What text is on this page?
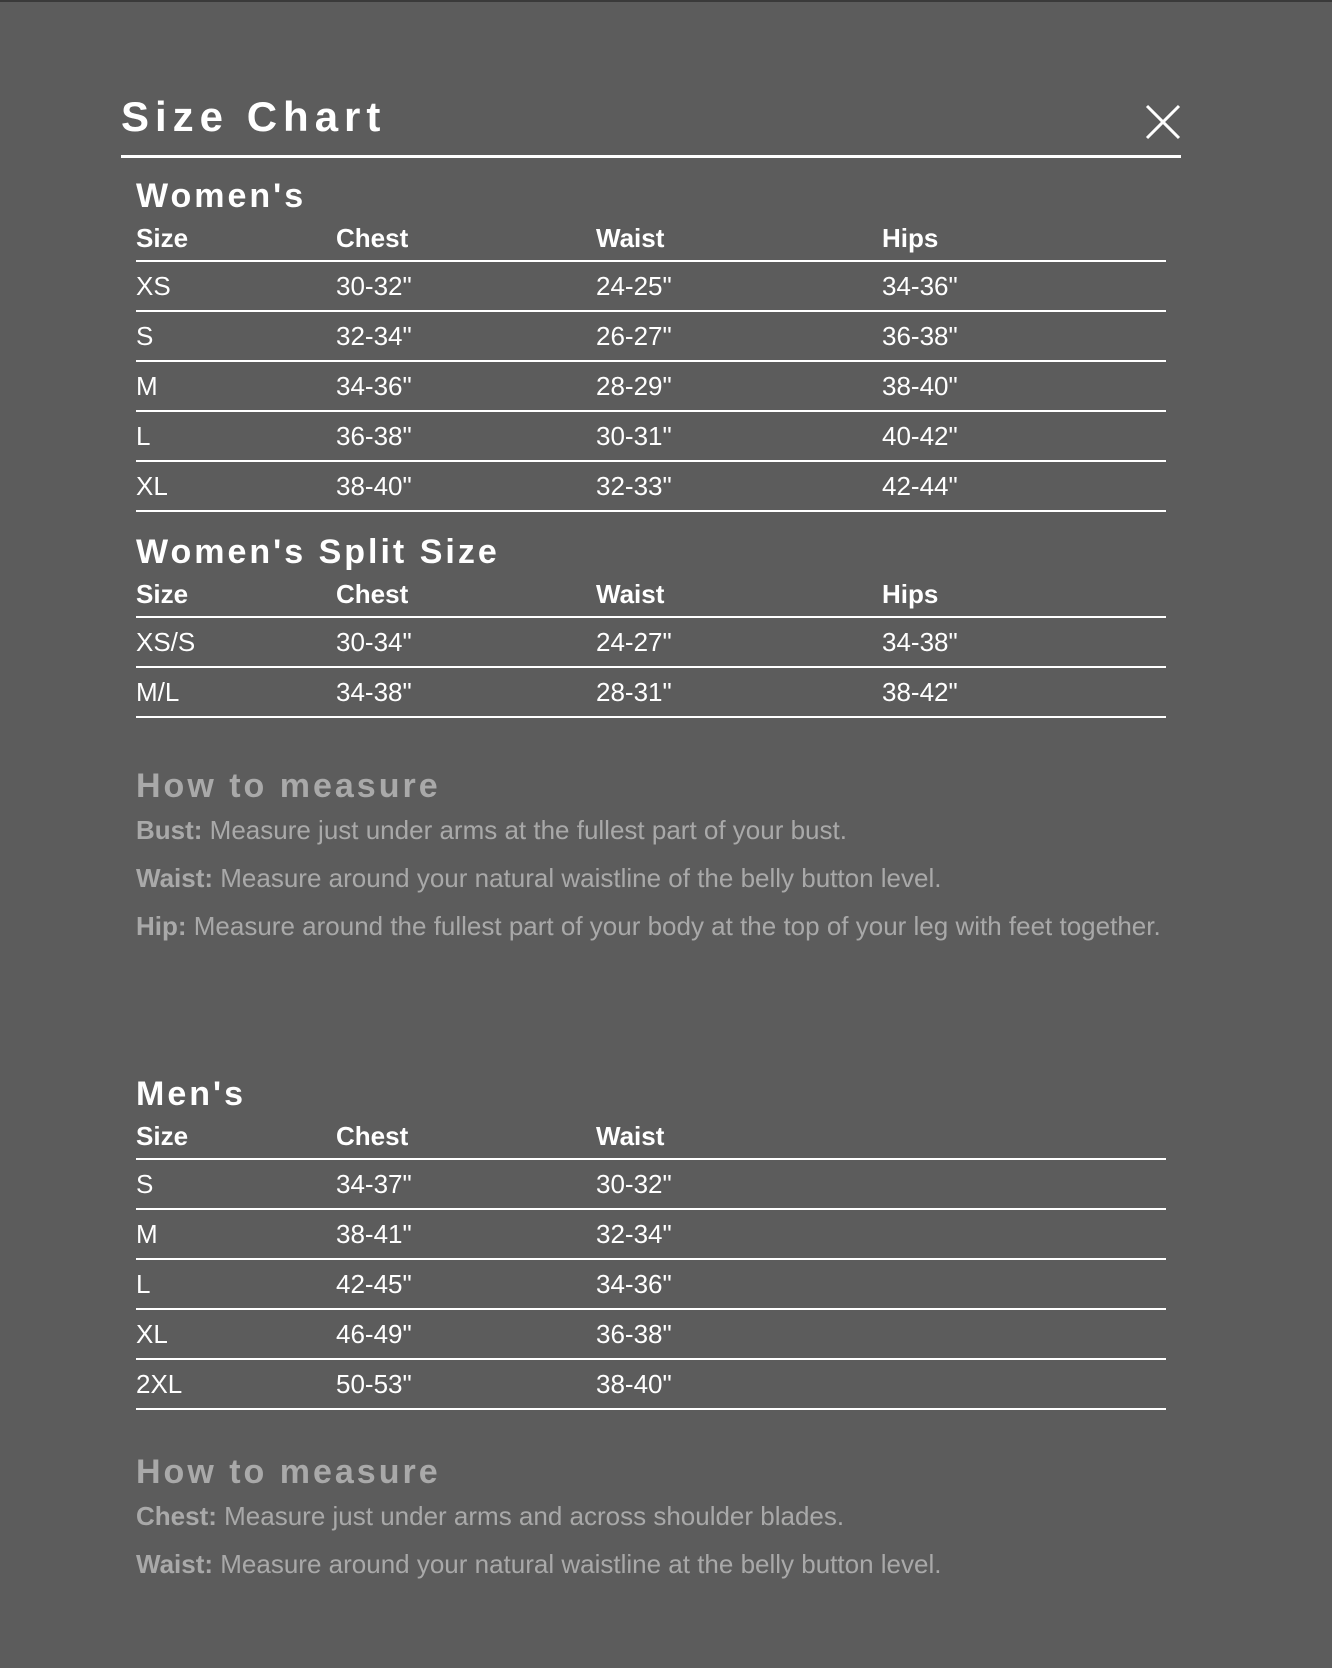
Size Chart
Women's
Size	Chest	Waist	Hips
XS	30-32"	24-25"	34-36"
S	32-34"	26-27"	36-38"
M	34-36"	28-29"	38-40"
L	36-38"	30-31"	40-42"
XL	38-40"	32-33"	42-44"
Women's Split Size
Size	Chest	Waist	Hips
XS/S	30-34"	24-27"	34-38"
M/L	34-38"	28-31"	38-42"
How to measure
Bust: Measure just under arms at the fullest part of your bust.
Waist: Measure around your natural waistline of the belly button level.
Hip: Measure around the fullest part of your body at the top of your leg with feet together.
Men's
Size	Chest	Waist	
S	34-37"	30-32"	
M	38-41"	32-34"	
L	42-45"	34-36"	
XL	46-49"	36-38"	
2XL	50-53"	38-40"	
How to measure
Chest: Measure just under arms and across shoulder blades.
Waist: Measure around your natural waistline at the belly button level.
